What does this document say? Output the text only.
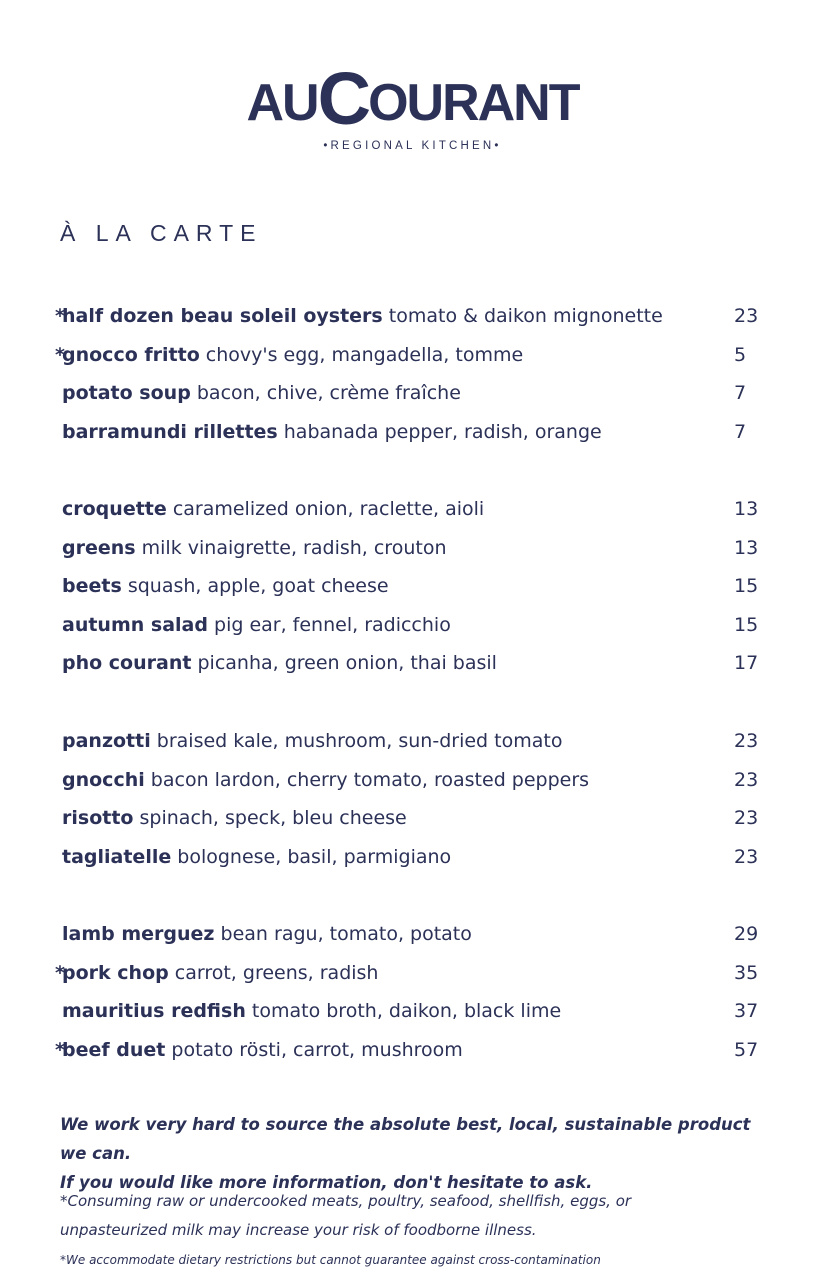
AUCOURANT
•REGIONAL KITCHEN•
À LA CARTE
*half dozen beau soleil oysters tomato & daikon mignonette	23
*gnocco fritto chovy's egg, mangadella, tomme	5
potato soup bacon, chive, crème fraîche	7
barramundi rillettes habanada pepper, radish, orange	7
croquette caramelized onion, raclette, aioli	13
greens milk vinaigrette, radish, crouton	13
beets squash, apple, goat cheese	15
autumn salad pig ear, fennel, radicchio	15
pho courant picanha, green onion, thai basil	17
panzotti braised kale, mushroom, sun-dried tomato	23
gnocchi bacon lardon, cherry tomato, roasted peppers	23
risotto spinach, speck, bleu cheese	23
tagliatelle bolognese, basil, parmigiano	23
lamb merguez bean ragu, tomato, potato	29
*pork chop carrot, greens, radish	35
mauritius redfish tomato broth, daikon, black lime	37
*beef duet potato rösti, carrot, mushroom	57
We work very hard to source the absolute best, local, sustainable product we can.
If you would like more information, don't hesitate to ask.
*Consuming raw or undercooked meats, poultry, seafood, shellfish, eggs, or
unpasteurized milk may increase your risk of foodborne illness.
*We accommodate dietary restrictions but cannot guarantee against cross-contamination
